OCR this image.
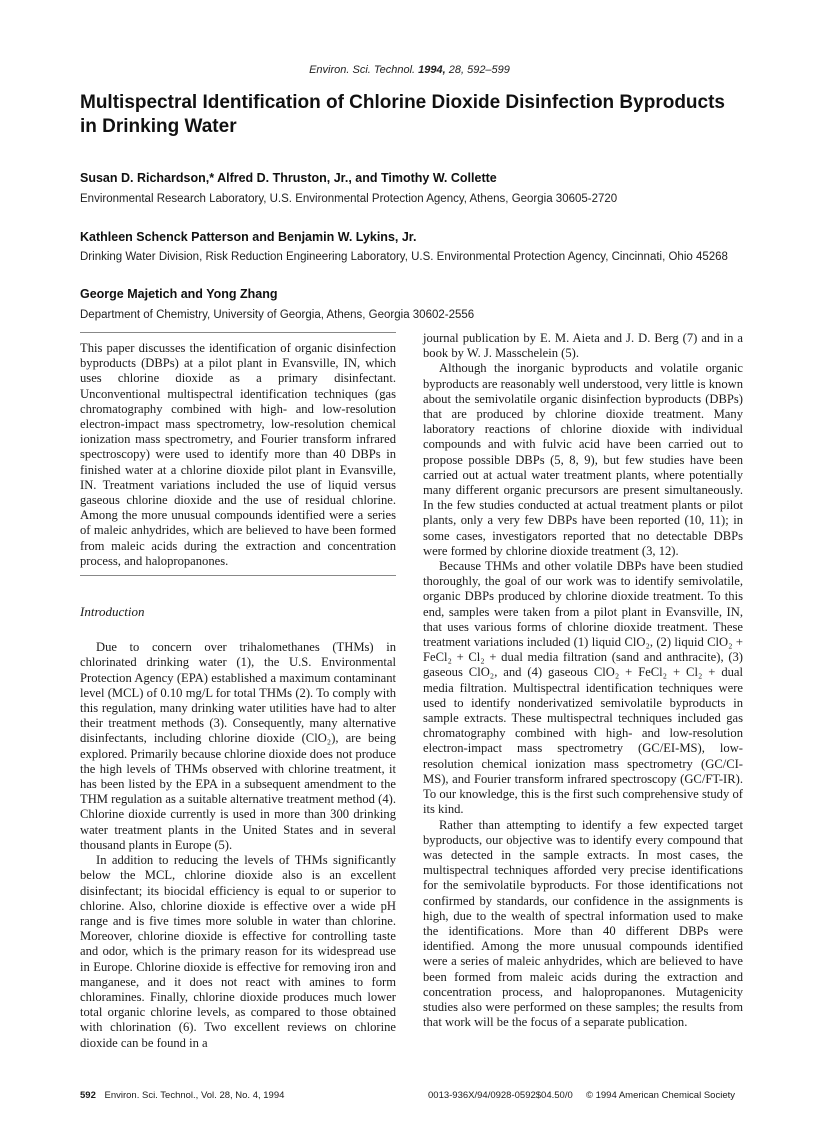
Environ. Sci. Technol. 1994, 28, 592–599
Multispectral Identification of Chlorine Dioxide Disinfection Byproducts in Drinking Water
Susan D. Richardson,* Alfred D. Thruston, Jr., and Timothy W. Collette
Environmental Research Laboratory, U.S. Environmental Protection Agency, Athens, Georgia 30605-2720
Kathleen Schenck Patterson and Benjamin W. Lykins, Jr.
Drinking Water Division, Risk Reduction Engineering Laboratory, U.S. Environmental Protection Agency, Cincinnati, Ohio 45268
George Majetich and Yong Zhang
Department of Chemistry, University of Georgia, Athens, Georgia 30602-2556

This paper discusses the identification of organic disinfection byproducts (DBPs) at a pilot plant in Evansville, IN, which uses chlorine dioxide as a primary disinfectant. Unconventional multispectral identification techniques (gas chromatography combined with high- and low-resolution electron-impact mass spectrometry, low-resolution chemical ionization mass spectrometry, and Fourier transform infrared spectroscopy) were used to identify more than 40 DBPs in finished water at a chlorine dioxide pilot plant in Evansville, IN. Treatment variations included the use of liquid versus gaseous chlorine dioxide and the use of residual chlorine. Among the more unusual compounds identified were a series of maleic anhydrides, which are believed to have been formed from maleic acids during the extraction and concentration process, and halopropanones.

Introduction

Due to concern over trihalomethanes (THMs) in chlorinated drinking water (1), the U.S. Environmental Protection Agency (EPA) established a maximum contaminant level (MCL) of 0.10 mg/L for total THMs (2). To comply with this regulation, many drinking water utilities have had to alter their treatment methods (3). Consequently, many alternative disinfectants, including chlorine dioxide (ClO₂), are being explored. Primarily because chlorine dioxide does not produce the high levels of THMs observed with chlorine treatment, it has been listed by the EPA in a subsequent amendment to the THM regulation as a suitable alternative treatment method (4). Chlorine dioxide currently is used in more than 300 drinking water treatment plants in the United States and in several thousand plants in Europe (5).

In addition to reducing the levels of THMs significantly below the MCL, chlorine dioxide also is an excellent disinfectant; its biocidal efficiency is equal to or superior to chlorine. Also, chlorine dioxide is effective over a wide pH range and is five times more soluble in water than chlorine. Moreover, chlorine dioxide is effective for controlling taste and odor, which is the primary reason for its widespread use in Europe. Chlorine dioxide is effective for removing iron and manganese, and it does not react with amines to form chloramines. Finally, chlorine dioxide produces much lower total organic chlorine levels, as compared to those obtained with chlorination (6). Two excellent reviews on chlorine dioxide can be found in a

journal publication by E. M. Aieta and J. D. Berg (7) and in a book by W. J. Masschelein (5).

Although the inorganic byproducts and volatile organic byproducts are reasonably well understood, very little is known about the semivolatile organic disinfection byproducts (DBPs) that are produced by chlorine dioxide treatment. Many laboratory reactions of chlorine dioxide with individual compounds and with fulvic acid have been carried out to propose possible DBPs (5, 8, 9), but few studies have been carried out at actual water treatment plants, where potentially many different organic precursors are present simultaneously. In the few studies conducted at actual treatment plants or pilot plants, only a very few DBPs have been reported (10, 11); in some cases, investigators reported that no detectable DBPs were formed by chlorine dioxide treatment (3, 12).

Because THMs and other volatile DBPs have been studied thoroughly, the goal of our work was to identify semivolatile, organic DBPs produced by chlorine dioxide treatment. To this end, samples were taken from a pilot plant in Evansville, IN, that uses various forms of chlorine dioxide treatment. These treatment variations included (1) liquid ClO₂, (2) liquid ClO₂ + FeCl₂ + Cl₂ + dual media filtration (sand and anthracite), (3) gaseous ClO₂, and (4) gaseous ClO₂ + FeCl₂ + Cl₂ + dual media filtration. Multispectral identification techniques were used to identify nonderivatized semivolatile byproducts in sample extracts. These multispectral techniques included gas chromatography combined with high- and low-resolution electron-impact mass spectrometry (GC/EI-MS), low-resolution chemical ionization mass spectrometry (GC/CI-MS), and Fourier transform infrared spectroscopy (GC/FT-IR). To our knowledge, this is the first such comprehensive study of its kind.

Rather than attempting to identify a few expected target byproducts, our objective was to identify every compound that was detected in the sample extracts. In most cases, the multispectral techniques afforded very precise identifications for the semivolatile byproducts. For those identifications not confirmed by standards, our confidence in the assignments is high, due to the wealth of spectral information used to make the identifications. More than 40 different DBPs were identified. Among the more unusual compounds identified were a series of maleic anhydrides, which are believed to have been formed from maleic acids during the extraction and concentration process, and halopropanones. Mutagenicity studies also were performed on these samples; the results from that work will be the focus of a separate publication.

592 Environ. Sci. Technol., Vol. 28, No. 4, 1994	0013-936X/94/0928-0592$04.50/0 © 1994 American Chemical Society
